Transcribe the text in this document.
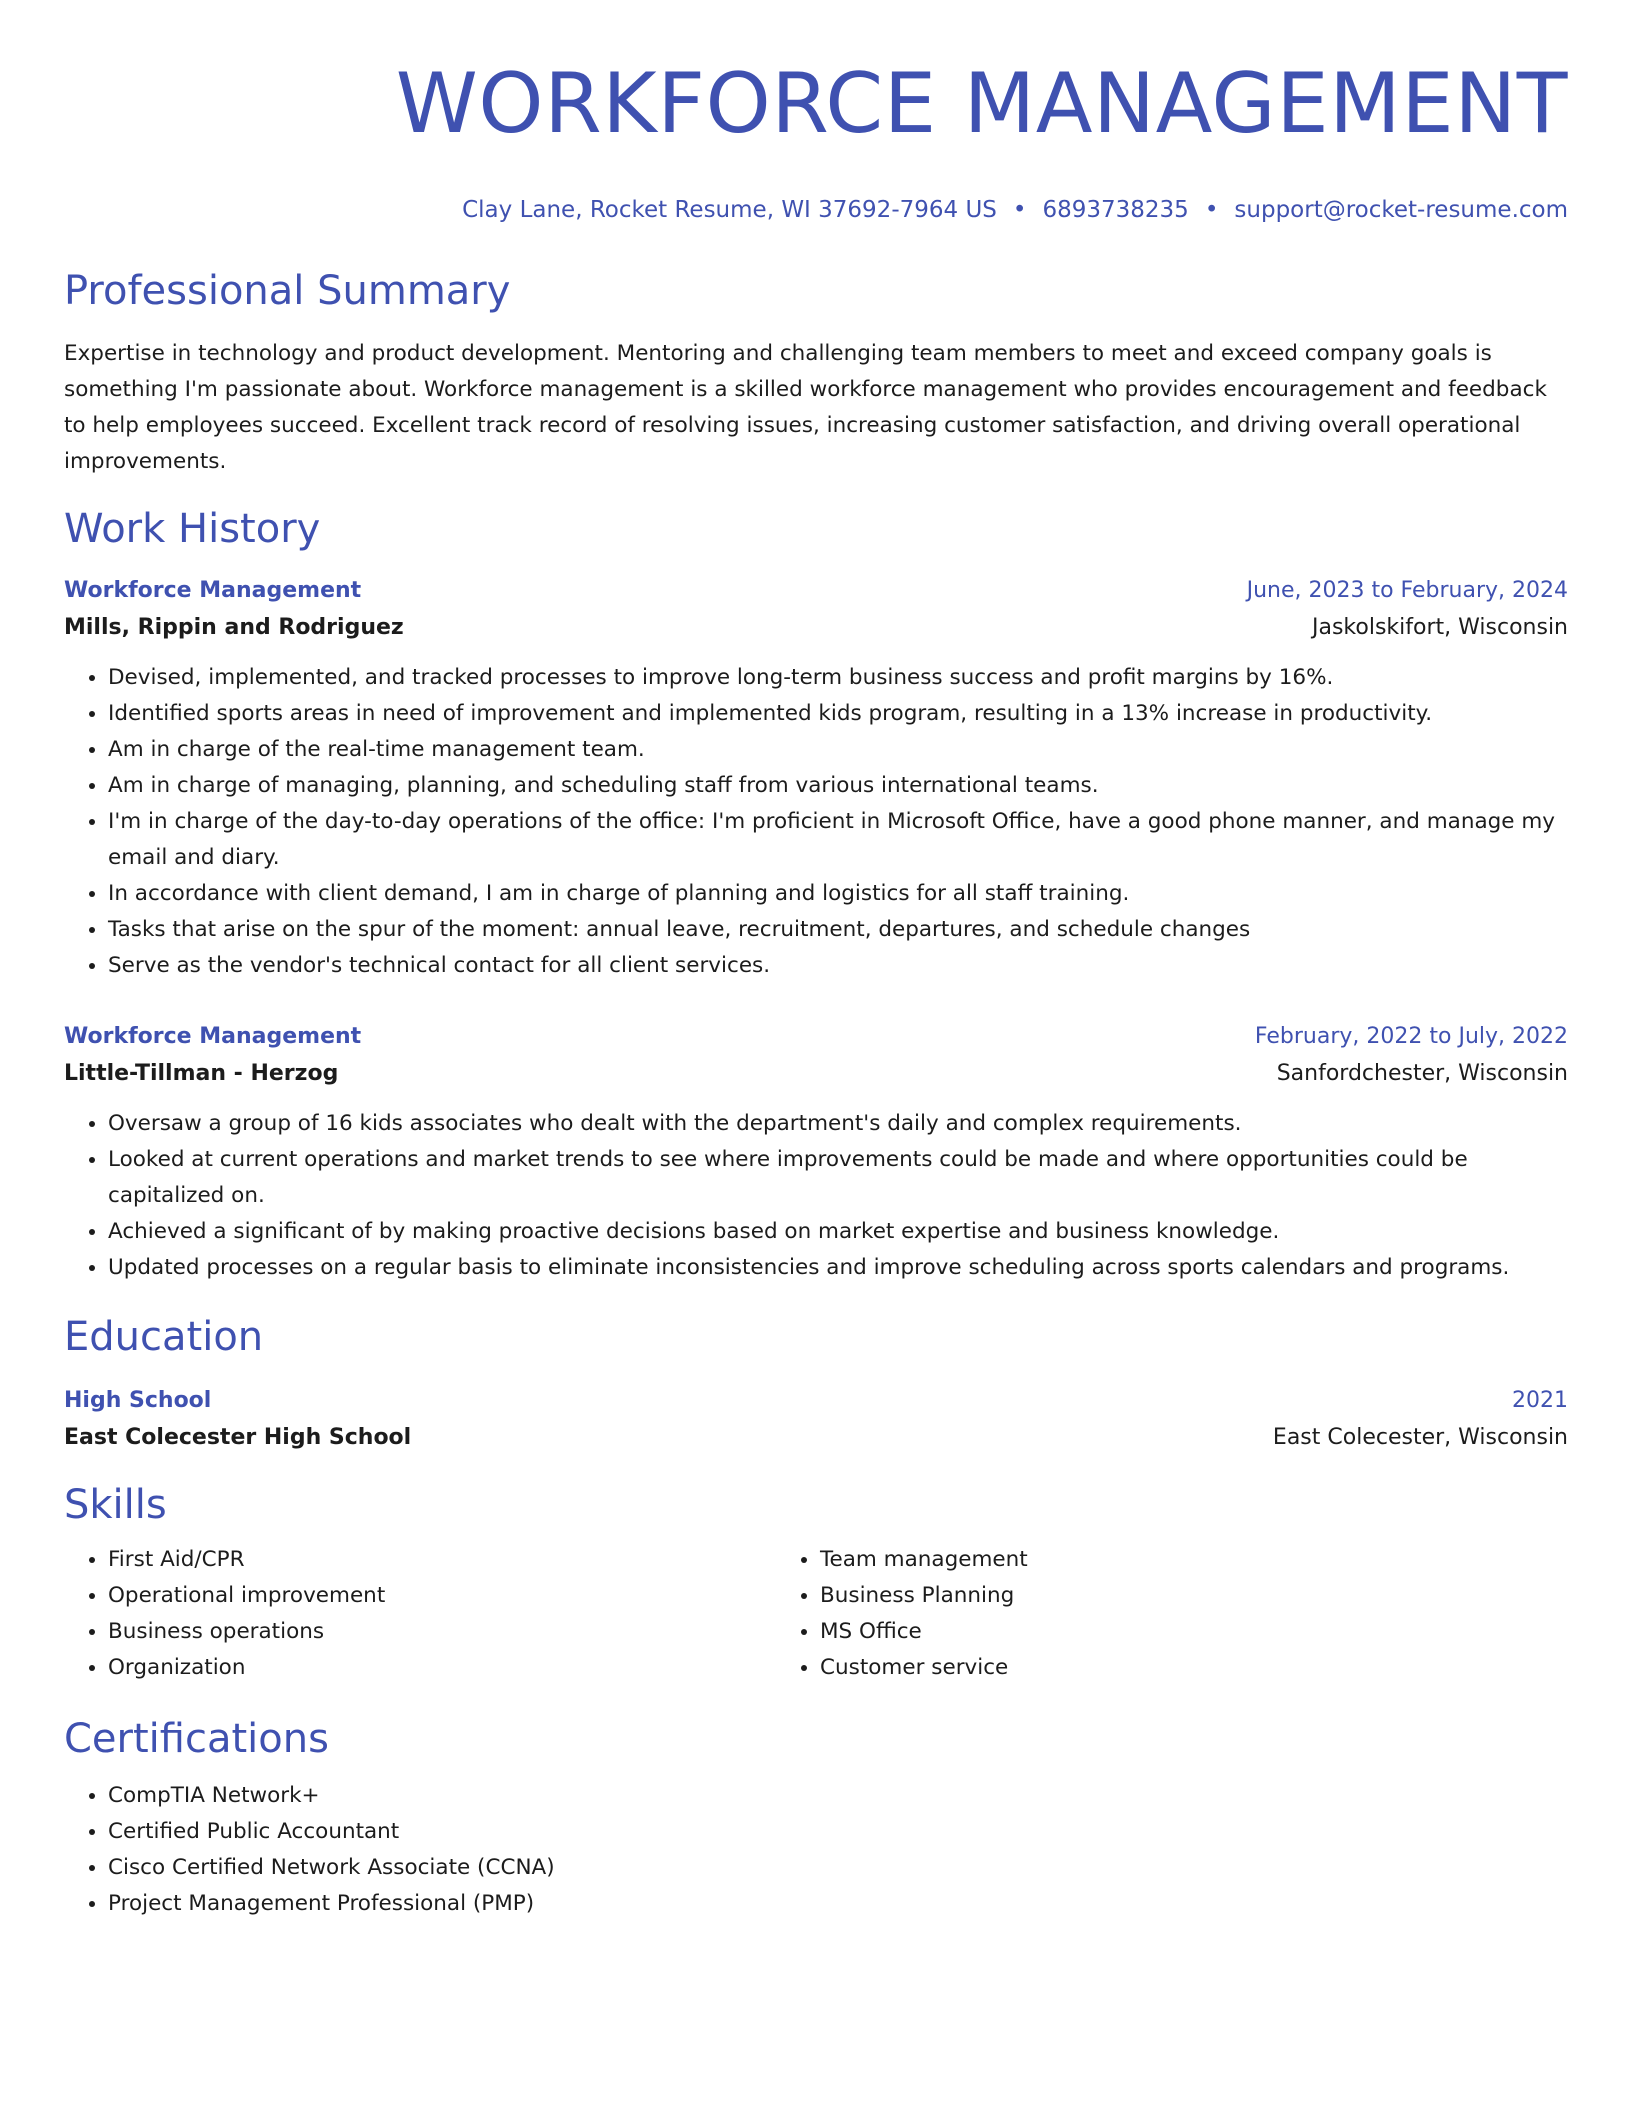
WORKFORCE MANAGEMENT
Clay Lane, Rocket Resume, WI 37692-7964 US • 6893738235 • support@rocket-resume.com
Professional Summary
Expertise in technology and product development. Mentoring and challenging team members to meet and exceed company goals is something I'm passionate about. Workforce management is a skilled workforce management who provides encouragement and feedback to help employees succeed. Excellent track record of resolving issues, increasing customer satisfaction, and driving overall operational improvements.
Work History
Workforce Management	June, 2023 to February, 2024
Mills, Rippin and Rodriguez	Jaskolskifort, Wisconsin
• Devised, implemented, and tracked processes to improve long-term business success and profit margins by 16%.
• Identified sports areas in need of improvement and implemented kids program, resulting in a 13% increase in productivity.
• Am in charge of the real-time management team.
• Am in charge of managing, planning, and scheduling staff from various international teams.
• I'm in charge of the day-to-day operations of the office: I'm proficient in Microsoft Office, have a good phone manner, and manage my email and diary.
• In accordance with client demand, I am in charge of planning and logistics for all staff training.
• Tasks that arise on the spur of the moment: annual leave, recruitment, departures, and schedule changes
• Serve as the vendor's technical contact for all client services.
Workforce Management	February, 2022 to July, 2022
Little-Tillman - Herzog	Sanfordchester, Wisconsin
• Oversaw a group of 16 kids associates who dealt with the department's daily and complex requirements.
• Looked at current operations and market trends to see where improvements could be made and where opportunities could be capitalized on.
• Achieved a significant of by making proactive decisions based on market expertise and business knowledge.
• Updated processes on a regular basis to eliminate inconsistencies and improve scheduling across sports calendars and programs.
Education
High School	2021
East Colecester High School	East Colecester, Wisconsin
Skills
• First Aid/CPR
• Operational improvement
• Business operations
• Organization
• Team management
• Business Planning
• MS Office
• Customer service
Certifications
• CompTIA Network+
• Certified Public Accountant
• Cisco Certified Network Associate (CCNA)
• Project Management Professional (PMP)
